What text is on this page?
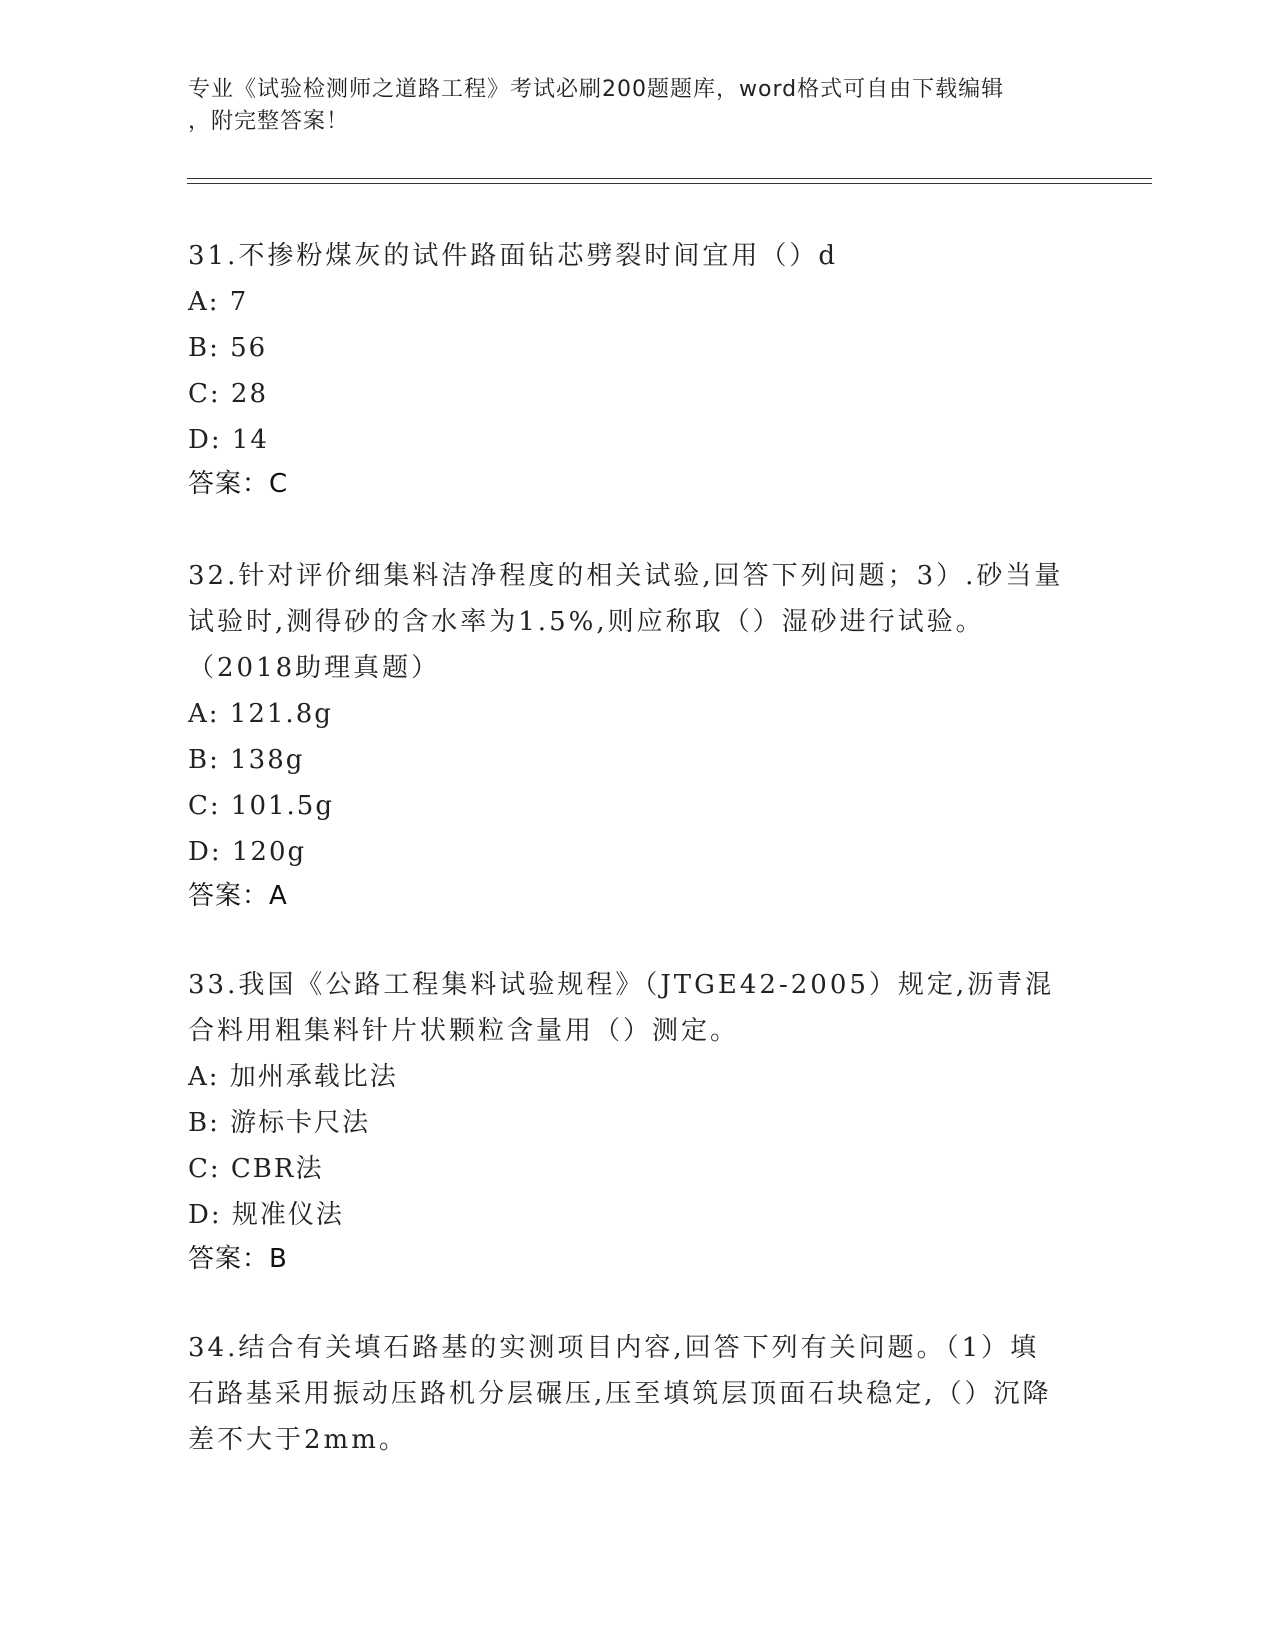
专业《试验检测师之道路工程》考试必刷200题题库，word格式可自由下载编辑
，附完整答案！

31.不掺粉煤灰的试件路面钻芯劈裂时间宜用（）d

A: 7

B: 56

C: 28

D: 14

答案：C

32.针对评价细集料洁净程度的相关试验,回答下列问题；3）.砂当量试验时,测得砂的含水率为1.5%,则应称取（）湿砂进行试验。（2018助理真题）

A: 121.8g

B: 138g

C: 101.5g

D: 120g

答案：A

33.我国《公路工程集料试验规程》（JTGE42-2005）规定,沥青混合料用粗集料针片状颗粒含量用（）测定。

A: 加州承载比法

B: 游标卡尺法

C: CBR法

D: 规准仪法

答案：B

34.结合有关填石路基的实测项目内容,回答下列有关问题。（1）填石路基采用振动压路机分层碾压,压至填筑层顶面石块稳定,（）沉降差不大于2mm。
